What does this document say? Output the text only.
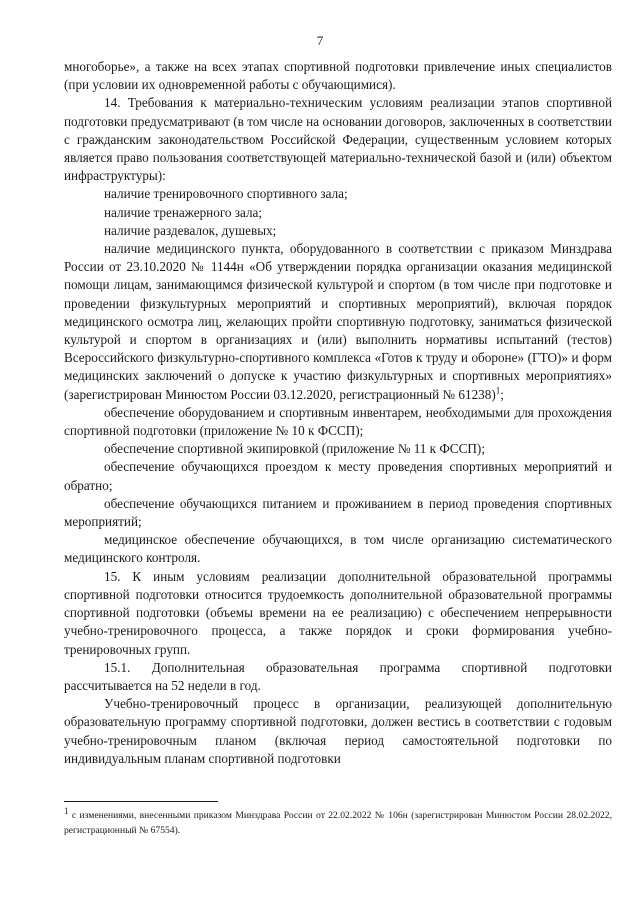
7

многоборье», а также на всех этапах спортивной подготовки привлечение иных специалистов (при условии их одновременной работы с обучающимися).

14. Требования к материально-техническим условиям реализации этапов спортивной подготовки предусматривают (в том числе на основании договоров, заключенных в соответствии с гражданским законодательством Российской Федерации, существенным условием которых является право пользования соответствующей материально-технической базой и (или) объектом инфраструктуры):

наличие тренировочного спортивного зала;

наличие тренажерного зала;

наличие раздевалок, душевых;

наличие медицинского пункта, оборудованного в соответствии с приказом Минздрава России от 23.10.2020 № 1144н «Об утверждении порядка организации оказания медицинской помощи лицам, занимающимся физической культурой и спортом (в том числе при подготовке и проведении физкультурных мероприятий и спортивных мероприятий), включая порядок медицинского осмотра лиц, желающих пройти спортивную подготовку, заниматься физической культурой и спортом в организациях и (или) выполнить нормативы испытаний (тестов) Всероссийского физкультурно-спортивного комплекса «Готов к труду и обороне» (ГТО)» и форм медицинских заключений о допуске к участию физкультурных и спортивных мероприятиях» (зарегистрирован Минюстом России 03.12.2020, регистрационный № 61238)$^1$;

обеспечение оборудованием и спортивным инвентарем, необходимыми для прохождения спортивной подготовки (приложение № 10 к ФССП);

обеспечение спортивной экипировкой (приложение № 11 к ФССП);

обеспечение обучающихся проездом к месту проведения спортивных мероприятий и обратно;

обеспечение обучающихся питанием и проживанием в период проведения спортивных мероприятий;

медицинское обеспечение обучающихся, в том числе организацию систематического медицинского контроля.

15. К иным условиям реализации дополнительной образовательной программы спортивной подготовки относится трудоемкость дополнительной образовательной программы спортивной подготовки (объемы времени на ее реализацию) с обеспечением непрерывности учебно-тренировочного процесса, а также порядок и сроки формирования учебно-тренировочных групп.

15.1. Дополнительная образовательная программа спортивной подготовки рассчитывается на 52 недели в год.

Учебно-тренировочный процесс в организации, реализующей дополнительную образовательную программу спортивной подготовки, должен вестись в соответствии с годовым учебно-тренировочным планом (включая период самостоятельной подготовки по индивидуальным планам спортивной подготовки

$^1$ с изменениями, внесенными приказом Минздрава России от 22.02.2022 № 106н (зарегистрирован Минюстом России 28.02.2022, регистрационный № 67554).
